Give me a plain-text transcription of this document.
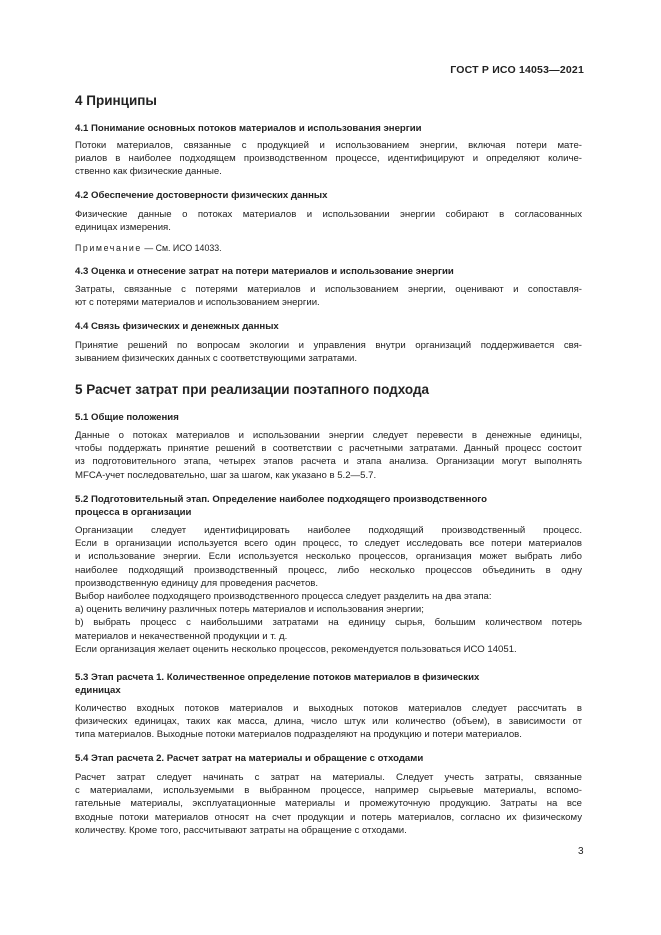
ГОСТ Р ИСО 14053—2021
4 Принципы
4.1 Понимание основных потоков материалов и использования энергии
Потоки материалов, связанные с продукцией и использованием энергии, включая потери мате-
риалов в наиболее подходящем производственном процессе, идентифицируют и определяют количе-
ственно как физические данные.
4.2 Обеспечение достоверности физических данных
Физические данные о потоках материалов и использовании энергии собирают в согласованных
единицах измерения.
Примечание — См. ИСО 14033.
4.3 Оценка и отнесение затрат на потери материалов и использование энергии
Затраты, связанные с потерями материалов и использованием энергии, оценивают и сопоставля-
ют с потерями материалов и использованием энергии.
4.4 Связь физических и денежных данных
Принятие решений по вопросам экологии и управления внутри организаций поддерживается свя-
зыванием физических данных с соответствующими затратами.
5 Расчет затрат при реализации поэтапного подхода
5.1 Общие положения
Данные о потоках материалов и использовании энергии следует перевести в денежные единицы,
чтобы поддержать принятие решений в соответствии с расчетными затратами. Данный процесс состоит
из подготовительного этапа, четырех этапов расчета и этапа анализа. Организации могут выполнять
MFCA-учет последовательно, шаг за шагом, как указано в 5.2—5.7.
5.2 Подготовительный этап. Определение наиболее подходящего производственного
процесса в организации
Организации следует идентифицировать наиболее подходящий производственный процесс.
Если в организации используется всего один процесс, то следует исследовать все потери материалов
и использование энергии. Если используется несколько процессов, организация может выбрать либо
наиболее подходящий производственный процесс, либо несколько процессов объединить в одну
производственную единицу для проведения расчетов.
Выбор наиболее подходящего производственного процесса следует разделить на два этапа:
a) оценить величину различных потерь материалов и использования энергии;
b) выбрать процесс с наибольшими затратами на единицу сырья, большим количеством потерь
материалов и некачественной продукции и т. д.
Если организация желает оценить несколько процессов, рекомендуется пользоваться ИСО 14051.
5.3 Этап расчета 1. Количественное определение потоков материалов в физических
единицах
Количество входных потоков материалов и выходных потоков материалов следует рассчитать в
физических единицах, таких как масса, длина, число штук или количество (объем), в зависимости от
типа материалов. Выходные потоки материалов подразделяют на продукцию и потери материалов.
5.4 Этап расчета 2. Расчет затрат на материалы и обращение с отходами
Расчет затрат следует начинать с затрат на материалы. Следует учесть затраты, связанные
с материалами, используемыми в выбранном процессе, например сырьевые материалы, вспомо-
гательные материалы, эксплуатационные материалы и промежуточную продукцию. Затраты на все
входные потоки материалов относят на счет продукции и потерь материалов, согласно их физическому
количеству. Кроме того, рассчитывают затраты на обращение с отходами.
3
